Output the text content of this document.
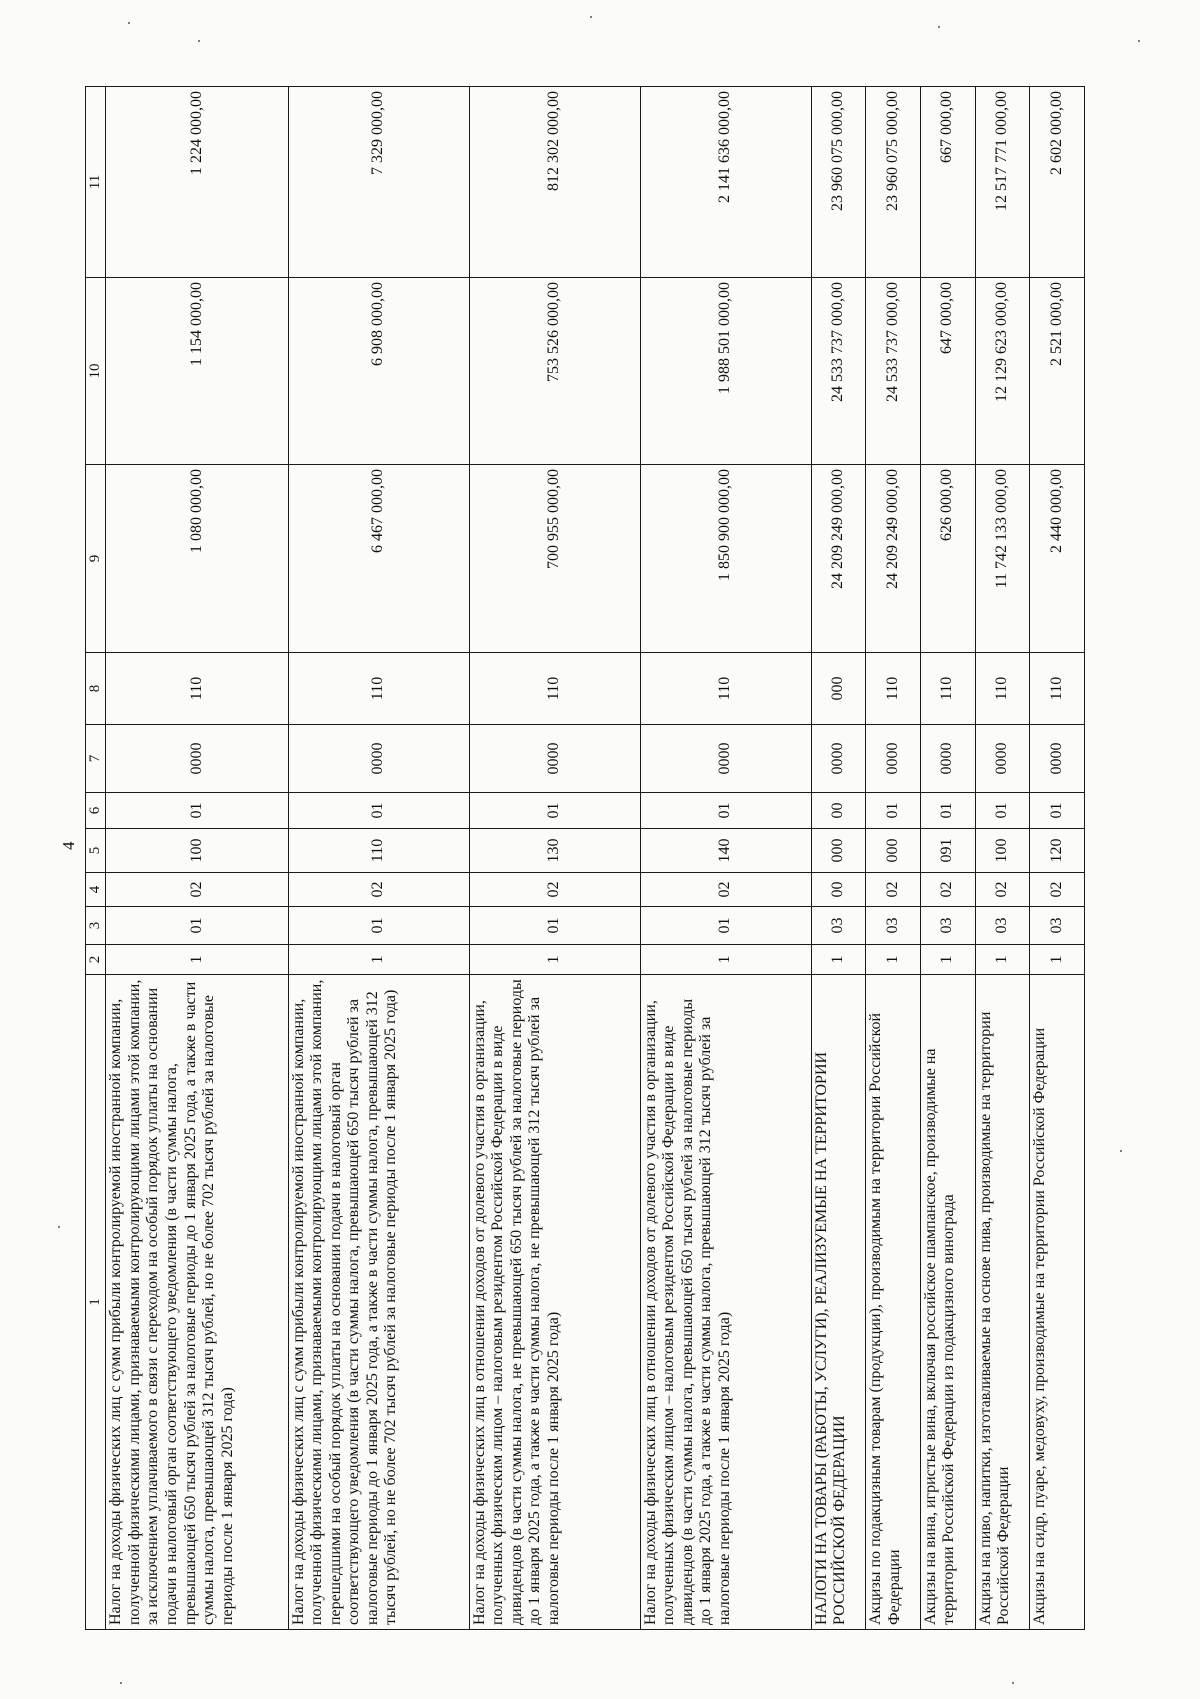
4
1	2	3	4	5	6	7	8	9	10	11
Налог на доходы физических лиц с сумм прибыли контролируемой иностранной компании, полученной физическими лицами, признаваемыми контролирующими лицами этой компании, за исключением уплачиваемого в связи с переходом на особый порядок уплаты на основании подачи в налоговый орган соответствующего уведомления (в части суммы налога, превышающей 650 тысяч рублей за налоговые периоды до 1 января 2025 года, а также в части суммы налога, превышающей 312 тысяч рублей, но не более 702 тысяч рублей за налоговые периоды после 1 января 2025 года)	1	01	02	100	01	0000	110	1 080 000,00	1 154 000,00	1 224 000,00
Налог на доходы физических лиц с сумм прибыли контролируемой иностранной компании, полученной физическими лицами, признаваемыми контролирующими лицами этой компании, перешедшими на особый порядок уплаты на основании подачи в налоговый орган соответствующего уведомления (в части суммы налога, превышающей 650 тысяч рублей за налоговые периоды до 1 января 2025 года, а также в части суммы налога, превышающей 312 тысяч рублей, но не более 702 тысяч рублей за налоговые периоды после 1 января 2025 года)	1	01	02	110	01	0000	110	6 467 000,00	6 908 000,00	7 329 000,00
Налог на доходы физических лиц в отношении доходов от долевого участия в организации, полученных физическим лицом – налоговым резидентом Российской Федерации в виде дивидендов (в части суммы налога, не превышающей 650 тысяч рублей за налоговые периоды до 1 января 2025 года, а также в части суммы налога, не превышающей 312 тысяч рублей за налоговые периоды после 1 января 2025 года)	1	01	02	130	01	0000	110	700 955 000,00	753 526 000,00	812 302 000,00
Налог на доходы физических лиц в отношении доходов от долевого участия в организации, полученных физическим лицом – налоговым резидентом Российской Федерации в виде дивидендов (в части суммы налога, превышающей 650 тысяч рублей за налоговые периоды до 1 января 2025 года, а также в части суммы налога, превышающей 312 тысяч рублей за налоговые периоды после 1 января 2025 года)	1	01	02	140	01	0000	110	1 850 900 000,00	1 988 501 000,00	2 141 636 000,00
НАЛОГИ НА ТОВАРЫ (РАБОТЫ, УСЛУГИ), РЕАЛИЗУЕМЫЕ НА ТЕРРИТОРИИ РОССИЙСКОЙ ФЕДЕРАЦИИ	1	03	00	000	00	0000	000	24 209 249 000,00	24 533 737 000,00	23 960 075 000,00
Акцизы по подакцизным товарам (продукции), производимым на территории Российской Федерации	1	03	02	000	01	0000	110	24 209 249 000,00	24 533 737 000,00	23 960 075 000,00
Акцизы на вина, игристые вина, включая российское шампанское, производимые на территории Российской Федерации из подакцизного винограда	1	03	02	091	01	0000	110	626 000,00	647 000,00	667 000,00
Акцизы на пиво, напитки, изготавливаемые на основе пива, производимые на территории Российской Федерации	1	03	02	100	01	0000	110	11 742 133 000,00	12 129 623 000,00	12 517 771 000,00
Акцизы на сидр, пуаре, медовуху, производимые на территории Российской Федерации	1	03	02	120	01	0000	110	2 440 000,00	2 521 000,00	2 602 000,00
